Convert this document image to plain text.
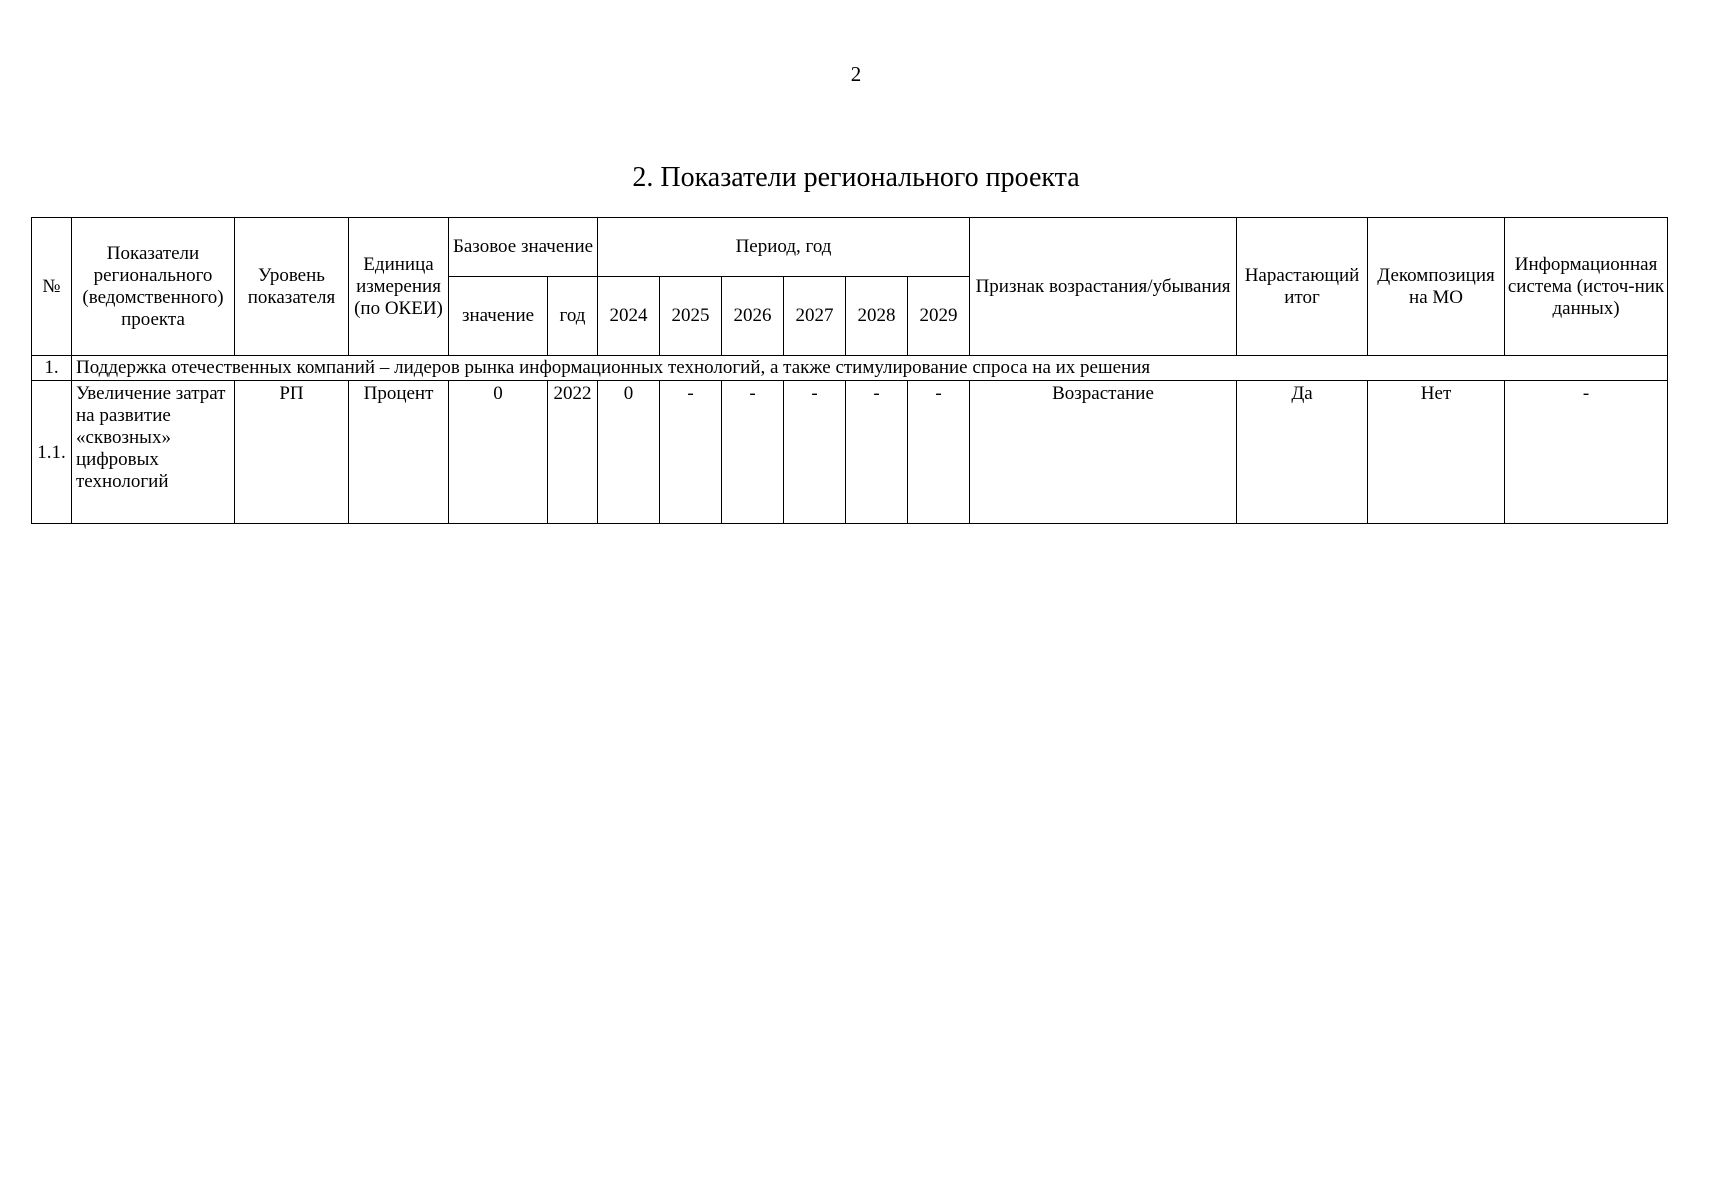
2
2. Показатели регионального проекта
№	Показатели регионального (ведомственного) проекта	Уровень показателя	Единица измерения (по ОКЕИ)	Базовое значение		Период, год						Признак возрастания/убывания	Нарастающий итог	Декомпозиция на МО	Информационная система (источ-ник данных)
				значение	год	2024	2025	2026	2027	2028	2029				
1.	Поддержка отечественных компаний – лидеров рынка информационных технологий, а также стимулирование спроса на их решения														
1.1.	Увеличение затрат на развитие «сквозных» цифровых технологий	РП	Процент	0	2022	0	-	-	-	-	-	Возрастание	Да	Нет	-
